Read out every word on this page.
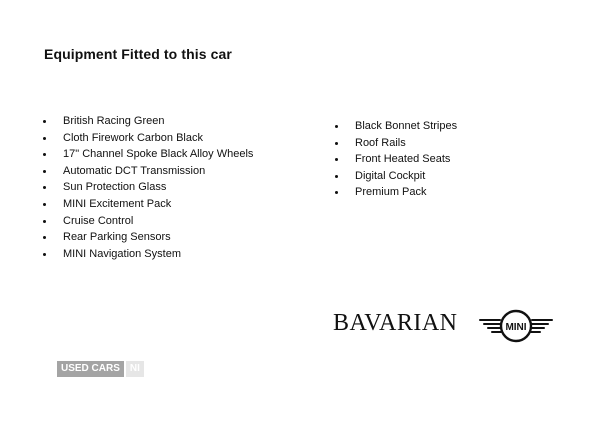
Equipment Fitted to this car
British Racing Green
Cloth Firework Carbon Black
17" Channel Spoke Black Alloy Wheels
Automatic DCT Transmission
Sun Protection Glass
MINI Excitement Pack
Cruise Control
Rear Parking Sensors
MINI Navigation System
Black Bonnet Stripes
Roof Rails
Front Heated Seats
Digital Cockpit
Premium Pack
BAVARIAN	MINI
USED CARS	NI
